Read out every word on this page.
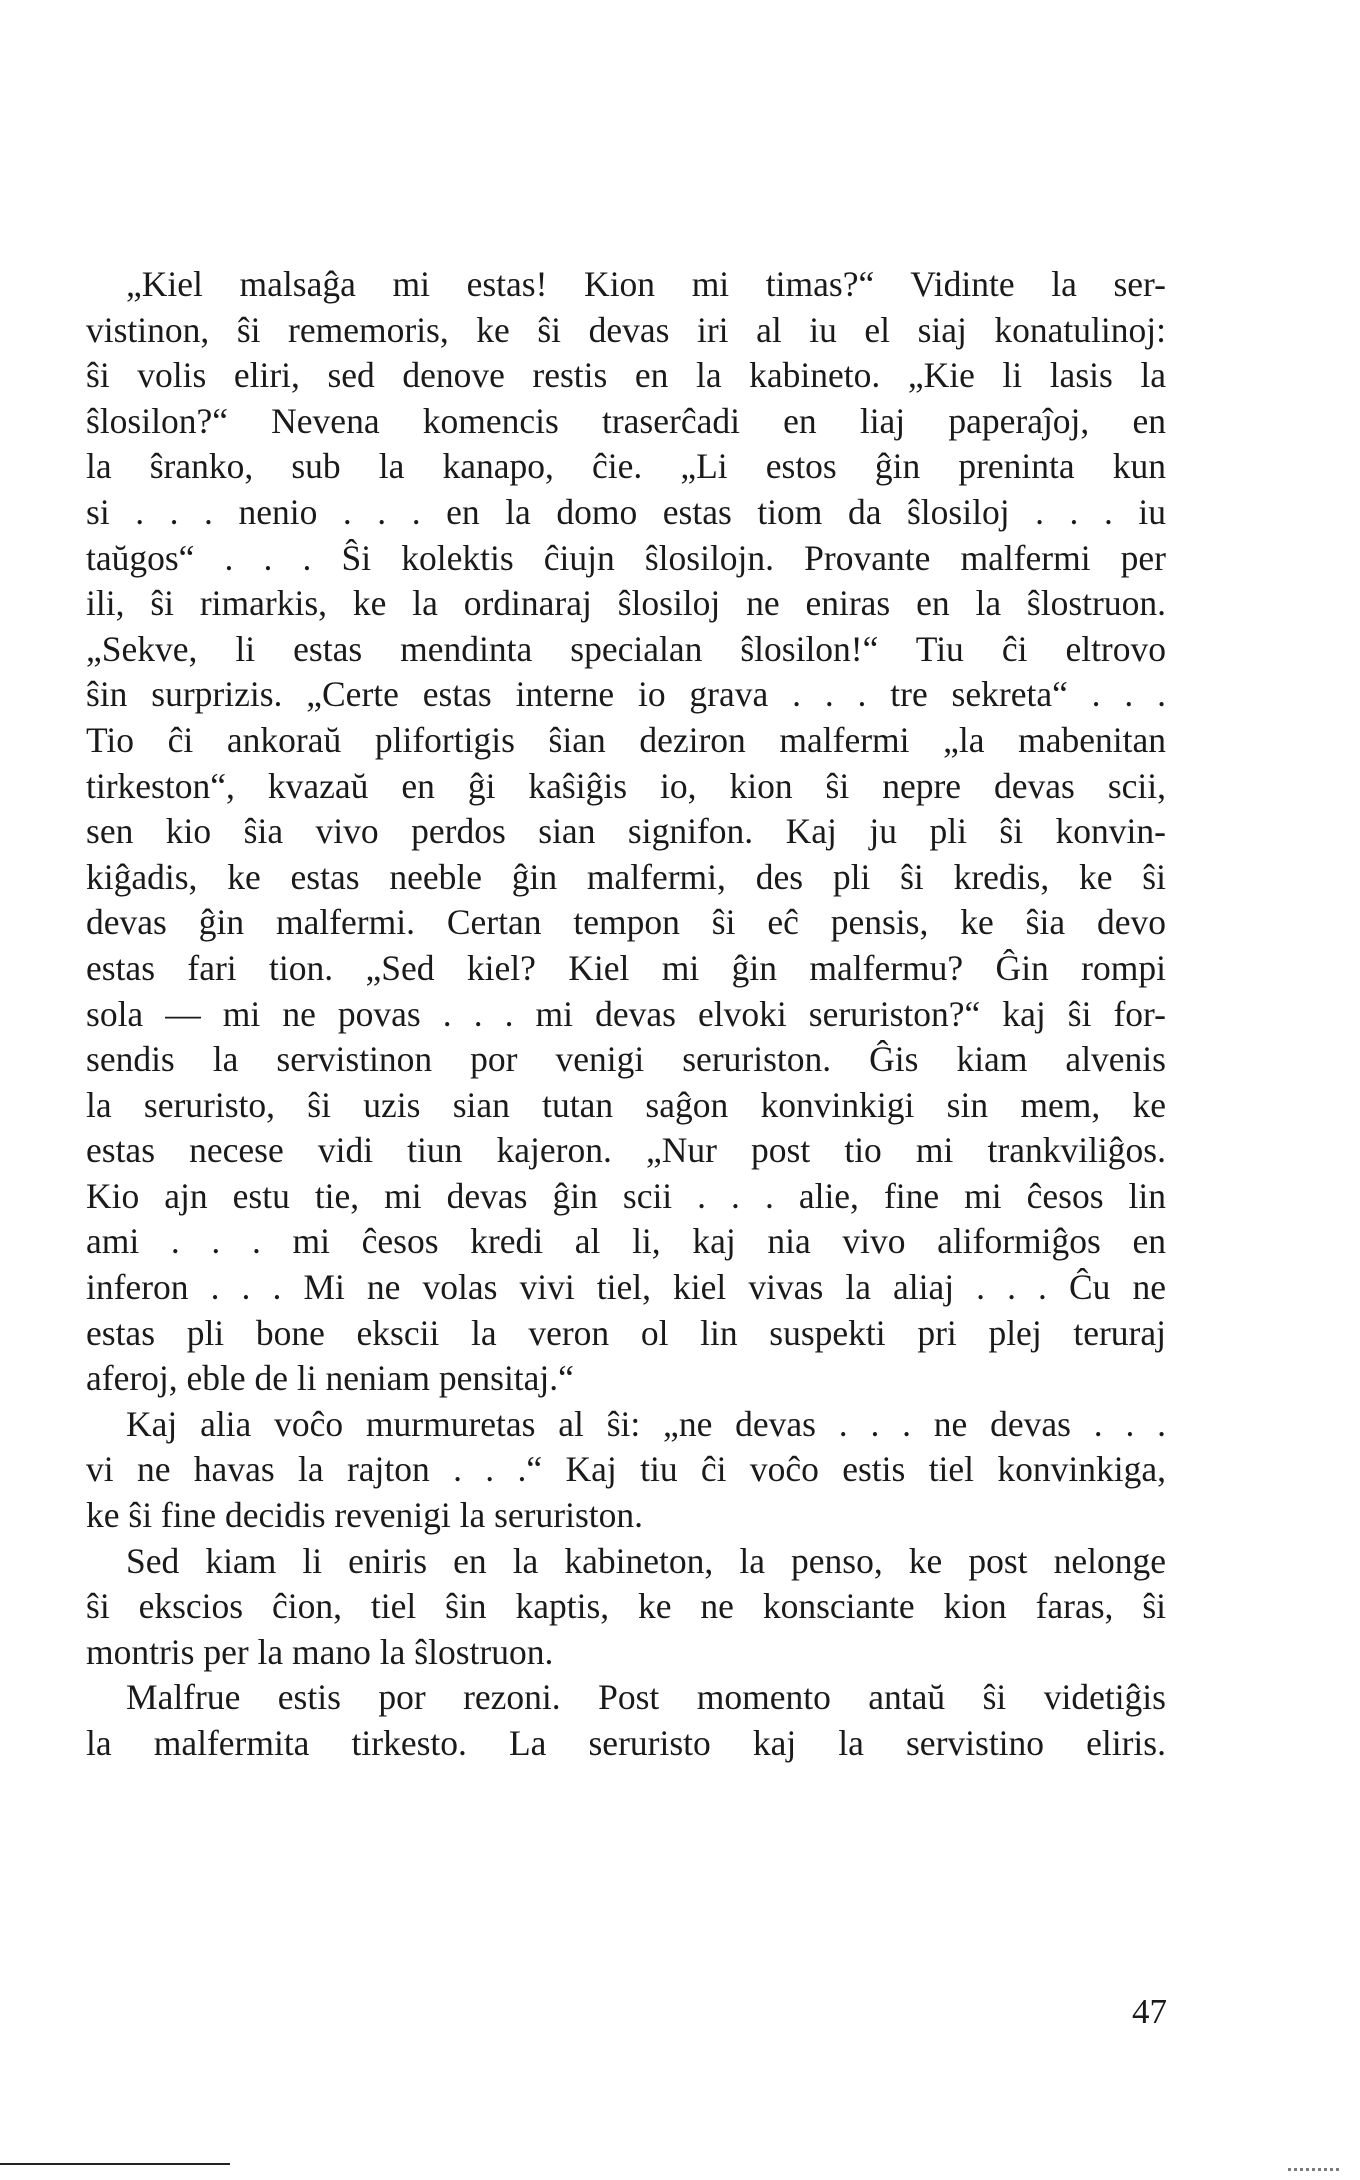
„Kiel malsaĝa mi estas! Kion mi timas?“ Vidinte la ser-
vistinon, ŝi rememoris, ke ŝi devas iri al iu el siaj konatulinoj:
ŝi volis eliri, sed denove restis en la kabineto. „Kie li lasis la
ŝlosilon?“ Nevena komencis traserĉadi en liaj paperaĵoj, en
la ŝranko, sub la kanapo, ĉie. „Li estos ĝin preninta kun
si . . . nenio . . . en la domo estas tiom da ŝlosiloj . . . iu
taŭgos“ . . . Ŝi kolektis ĉiujn ŝlosilojn. Provante malfermi per
ili, ŝi rimarkis, ke la ordinaraj ŝlosiloj ne eniras en la ŝlostruon.
„Sekve, li estas mendinta specialan ŝlosilon!“ Tiu ĉi eltrovo
ŝin surprizis. „Certe estas interne io grava . . . tre sekreta“ . . .
Tio ĉi ankoraŭ plifortigis ŝian deziron malfermi „la mabenitan
tirkeston“, kvazaŭ en ĝi kaŝiĝis io, kion ŝi nepre devas scii,
sen kio ŝia vivo perdos sian signifon. Kaj ju pli ŝi konvin-
kiĝadis, ke estas neeble ĝin malfermi, des pli ŝi kredis, ke ŝi
devas ĝin malfermi. Certan tempon ŝi eĉ pensis, ke ŝia devo
estas fari tion. „Sed kiel? Kiel mi ĝin malfermu? Ĝin rompi
sola — mi ne povas . . . mi devas elvoki seruriston?“ kaj ŝi for-
sendis la servistinon por venigi seruriston. Ĝis kiam alvenis
la seruristo, ŝi uzis sian tutan saĝon konvinkigi sin mem, ke
estas necese vidi tiun kajeron. „Nur post tio mi trankviliĝos.
Kio ajn estu tie, mi devas ĝin scii . . . alie, fine mi ĉesos lin
ami . . . mi ĉesos kredi al li, kaj nia vivo aliformiĝos en
inferon . . . Mi ne volas vivi tiel, kiel vivas la aliaj . . . Ĉu ne
estas pli bone ekscii la veron ol lin suspekti pri plej teruraj
aferoj, eble de li neniam pensitaj.“
Kaj alia voĉo murmuretas al ŝi: „ne devas . . . ne devas . . .
vi ne havas la rajton . . .“ Kaj tiu ĉi voĉo estis tiel konvinkiga,
ke ŝi fine decidis revenigi la seruriston.
Sed kiam li eniris en la kabineton, la penso, ke post nelonge
ŝi ekscios ĉion, tiel ŝin kaptis, ke ne konsciante kion faras, ŝi
montris per la mano la ŝlostruon.
Malfrue estis por rezoni. Post momento antaŭ ŝi videtiĝis
la malfermita tirkesto. La seruristo kaj la servistino eliris.
47
